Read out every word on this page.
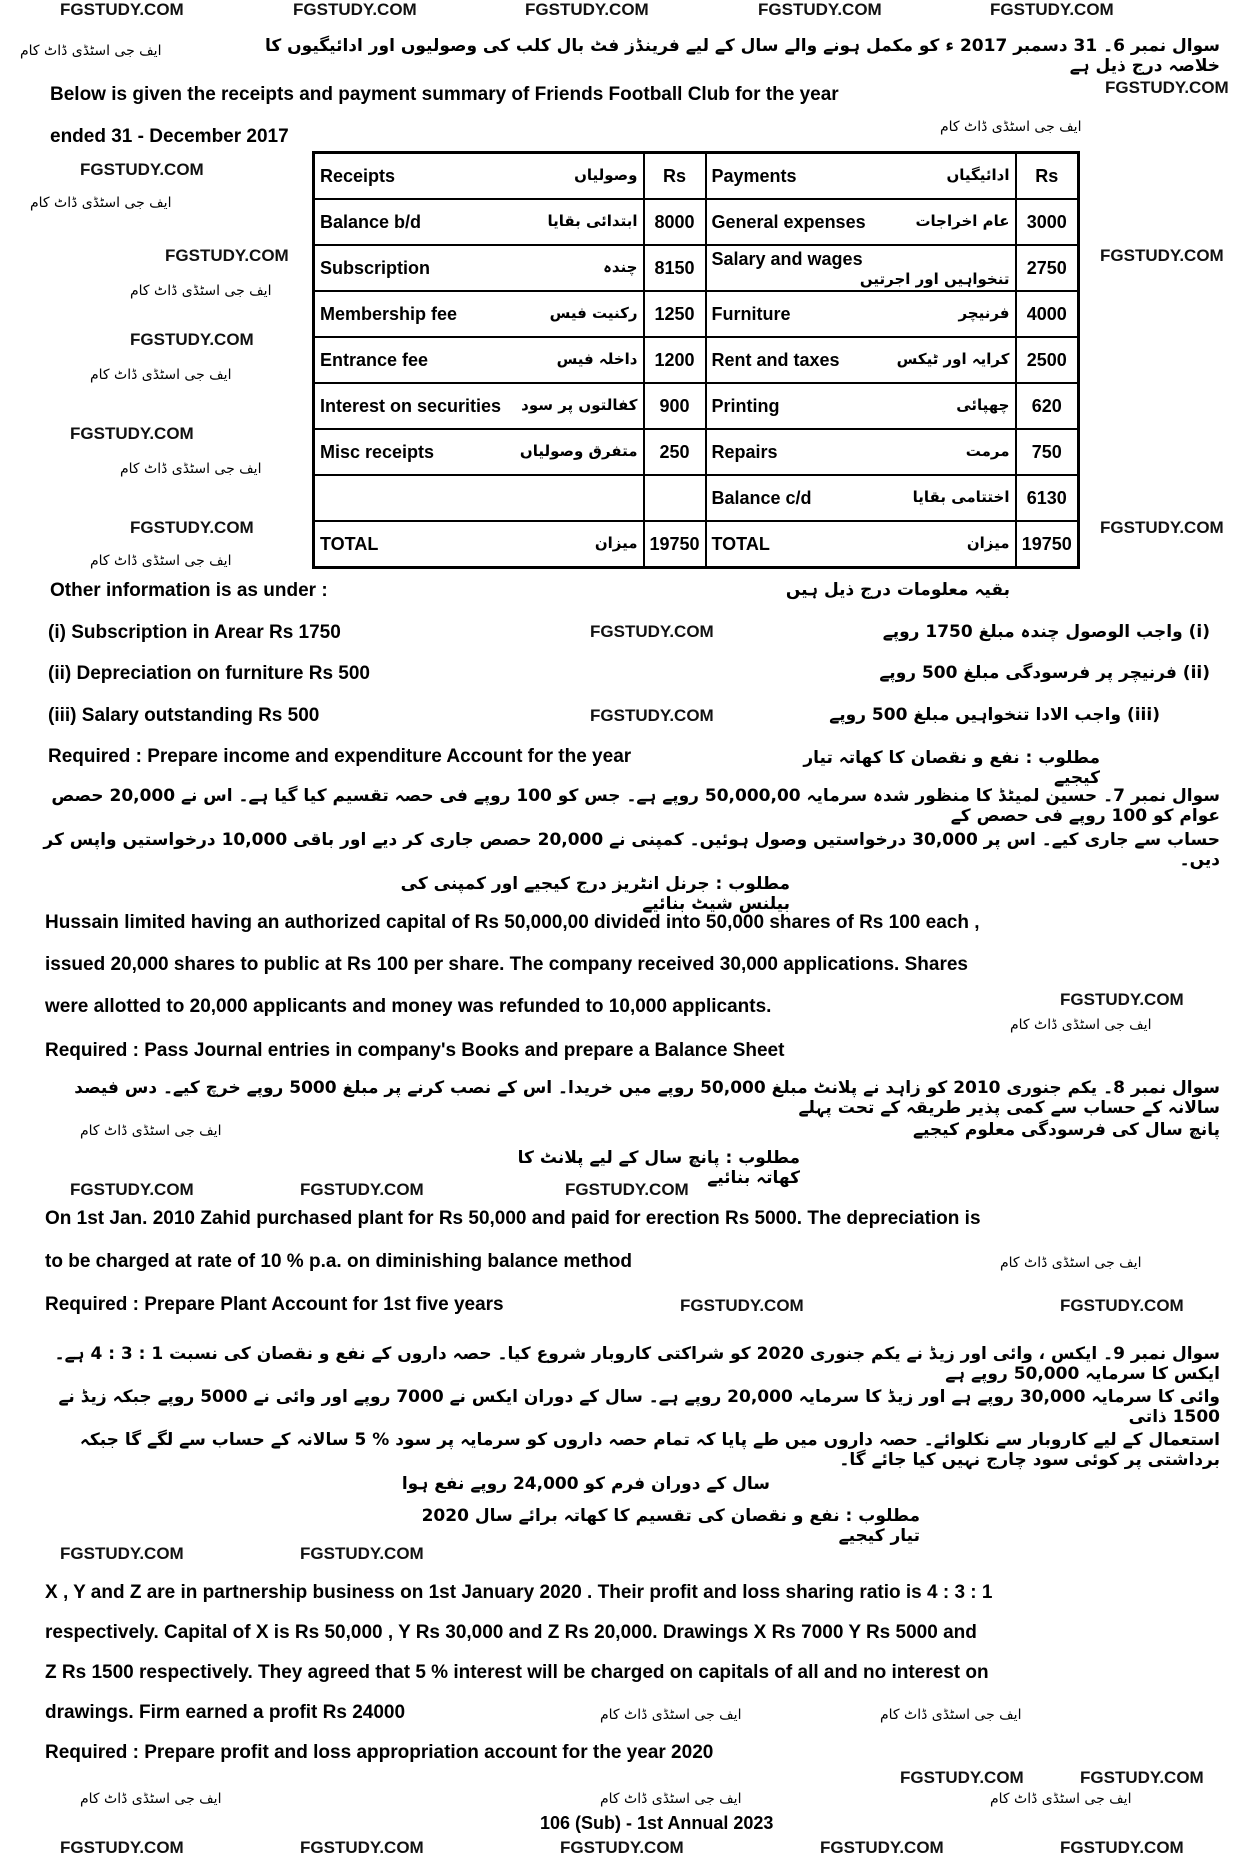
FGSTUDY.COM	FGSTUDY.COM	FGSTUDY.COM	FGSTUDY.COM	FGSTUDY.COM
ایف جی اسٹڈی ڈاٹ کام	سوال نمبر 6۔ 31 دسمبر 2017 ء کو مکمل ہونے والے سال کے لیے فرینڈز فٹ بال کلب کی وصولیوں اور ادائیگیوں کا خلاصہ درج ذیل ہے
Below is given the receipts and payment summary of Friends Football Club for the year	FGSTUDY.COM
ایف جی اسٹڈی ڈاٹ کام
ended 31 - December 2017
FGSTUDY.COM
ایف جی اسٹڈی ڈاٹ کام
FGSTUDY.COM	FGSTUDY.COM
ایف جی اسٹڈی ڈاٹ کام
FGSTUDY.COM
ایف جی اسٹڈی ڈاٹ کام
FGSTUDY.COM
ایف جی اسٹڈی ڈاٹ کام
FGSTUDY.COM
ایف جی اسٹڈی ڈاٹ کام
FGSTUDY.COM
Receipts وصولیاں	Rs	Payments ادائیگیاں	Rs
Balance b/d ابتدائی بقایا	8000	General expenses عام اخراجات	3000
Subscription چندہ	8150	Salary and wages
تنخواہیں اور اجرتیں	2750
Membership fee رکنیت فیس	1250	Furniture فرنیچر	4000
Entrance fee داخلہ فیس	1200	Rent and taxes کرایہ اور ٹیکس	2500
Interest on securities کفالتوں پر سود	900	Printing چھپائی	620
Misc receipts متفرق وصولیاں	250	Repairs مرمت	750

		Balance c/d اختتامی بقایا	6130
TOTAL میزان	19750	TOTAL میزان	19750
Other information is as under :	بقیہ معلومات درج ذیل ہیں
(i) Subscription in Arear Rs 1750
(ii) Depreciation on furniture Rs 500
(iii) Salary outstanding Rs 500
(i) واجب الوصول چندہ مبلغ 1750 روپے
(ii) فرنیچر پر فرسودگی مبلغ 500 روپے
(iii) واجب الادا تنخواہیں مبلغ 500 روپے
FGSTUDY.COM
FGSTUDY.COM
Required : Prepare income and expenditure Account for the year	مطلوب : نفع و نقصان کا کھاتہ تیار کیجیے
سوال نمبر 7۔ حسین لمیٹڈ کا منظور شدہ سرمایہ 50,000,00 روپے ہے۔ جس کو 100 روپے فی حصہ تقسیم کیا گیا ہے۔ اس نے 20,000 حصص عوام کو 100 روپے فی حصص کے
حساب سے جاری کیے۔ اس پر 30,000 درخواستیں وصول ہوئیں۔ کمپنی نے 20,000 حصص جاری کر دیے اور باقی 10,000 درخواستیں واپس کر دیں۔
مطلوب : جرنل انٹریز درج کیجیے اور کمپنی کی بیلنس شیٹ بنائیے
Hussain limited having an authorized capital of Rs 50,000,00 divided into 50,000 shares of Rs 100 each ,
issued 20,000 shares to public at Rs 100 per share. The company received 30,000 applications. Shares
were allotted to 20,000 applicants and money was refunded to 10,000 applicants.	FGSTUDY.COM
ایف جی اسٹڈی ڈاٹ کام
Required : Pass Journal entries in company's Books and prepare a Balance Sheet
سوال نمبر 8۔ یکم جنوری 2010 کو زاہد نے پلانٹ مبلغ 50,000 روپے میں خریدا۔ اس کے نصب کرنے پر مبلغ 5000 روپے خرچ کیے۔ دس فیصد سالانہ کے حساب سے کمی پذیر طریقہ کے تحت پہلے
پانچ سال کی فرسودگی معلوم کیجیے
ایف جی اسٹڈی ڈاٹ کام
مطلوب : پانچ سال کے لیے پلانٹ کا کھاتہ بنائیے
FGSTUDY.COM	FGSTUDY.COM	FGSTUDY.COM
On 1st Jan. 2010 Zahid purchased plant for Rs 50,000 and paid for erection Rs 5000. The depreciation is
to be charged at rate of 10 % p.a. on diminishing balance method	ایف جی اسٹڈی ڈاٹ کام
Required : Prepare Plant Account for 1st five years	FGSTUDY.COM	FGSTUDY.COM
سوال نمبر 9۔ ایکس ، وائی اور زیڈ نے یکم جنوری 2020 کو شراکتی کاروبار شروع کیا۔ حصہ داروں کے نفع و نقصان کی نسبت 1 : 3 : 4 ہے۔ ایکس کا سرمایہ 50,000 روپے ہے
وائی کا سرمایہ 30,000 روپے ہے اور زیڈ کا سرمایہ 20,000 روپے ہے۔ سال کے دوران ایکس نے 7000 روپے اور وائی نے 5000 روپے جبکہ زیڈ نے 1500 ذاتی
استعمال کے لیے کاروبار سے نکلوائے۔ حصہ داروں میں طے پایا کہ تمام حصہ داروں کو سرمایہ پر سود % 5 سالانہ کے حساب سے لگے گا جبکہ برداشتی پر کوئی سود چارج نہیں کیا جائے گا۔
سال کے دوران فرم کو 24,000 روپے نفع ہوا
مطلوب : نفع و نقصان کی تقسیم کا کھاتہ برائے سال 2020 تیار کیجیے
FGSTUDY.COM	FGSTUDY.COM
X , Y and Z are in partnership business on 1st January 2020 . Their profit and loss sharing ratio is 4 : 3 : 1
respectively. Capital of X is Rs 50,000 , Y Rs 30,000 and Z Rs 20,000. Drawings X Rs 7000 Y Rs 5000 and
Z Rs 1500 respectively. They agreed that 5 % interest will be charged on capitals of all and no interest on
drawings. Firm earned a profit Rs 24000	ایف جی اسٹڈی ڈاٹ کام	ایف جی اسٹڈی ڈاٹ کام
Required : Prepare profit and loss appropriation account for the year 2020
FGSTUDY.COM	FGSTUDY.COM
ایف جی اسٹڈی ڈاٹ کام	ایف جی اسٹڈی ڈاٹ کام	ایف جی اسٹڈی ڈاٹ کام
106 (Sub) - 1st Annual 2023
FGSTUDY.COM	FGSTUDY.COM	FGSTUDY.COM	FGSTUDY.COM	FGSTUDY.COM
